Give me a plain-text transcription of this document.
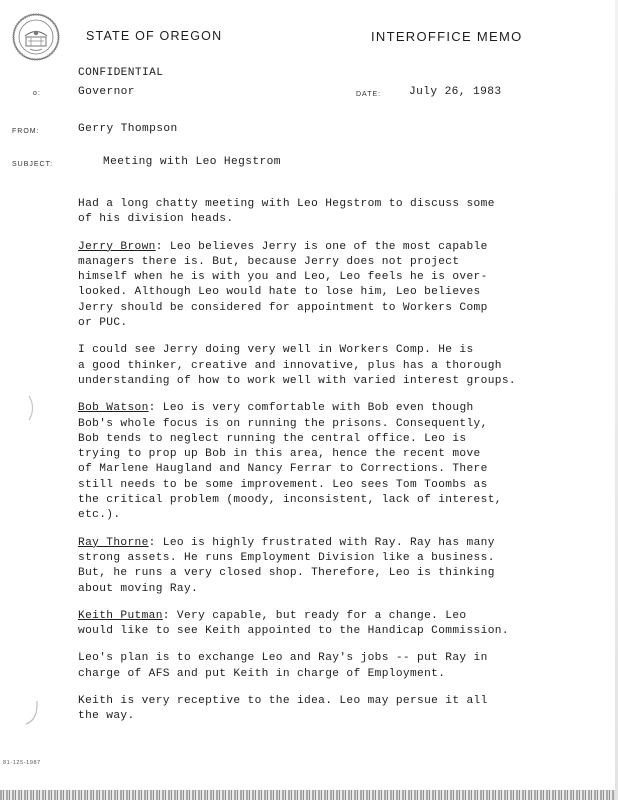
STATE OF OREGON	INTEROFFICE MEMO
CONFIDENTIAL
o:	Governor	DATE: July 26, 1983
FROM:	Gerry Thompson
SUBJECT:	Meeting with Leo Hegstrom

Had a long chatty meeting with Leo Hegstrom to discuss some
of his division heads.

Jerry Brown: Leo believes Jerry is one of the most capable
managers there is. But, because Jerry does not project
himself when he is with you and Leo, Leo feels he is over-
looked. Although Leo would hate to lose him, Leo believes
Jerry should be considered for appointment to Workers Comp
or PUC.

I could see Jerry doing very well in Workers Comp. He is
a good thinker, creative and innovative, plus has a thorough
understanding of how to work well with varied interest groups.

Bob Watson: Leo is very comfortable with Bob even though
Bob's whole focus is on running the prisons. Consequently,
Bob tends to neglect running the central office. Leo is
trying to prop up Bob in this area, hence the recent move
of Marlene Haugland and Nancy Ferrar to Corrections. There
still needs to be some improvement. Leo sees Tom Toombs as
the critical problem (moody, inconsistent, lack of interest,
etc.).

Ray Thorne: Leo is highly frustrated with Ray. Ray has many
strong assets. He runs Employment Division like a business.
But, he runs a very closed shop. Therefore, Leo is thinking
about moving Ray.

Keith Putman: Very capable, but ready for a change. Leo
would like to see Keith appointed to the Handicap Commission.

Leo's plan is to exchange Leo and Ray's jobs -- put Ray in
charge of AFS and put Keith in charge of Employment.

Keith is very receptive to the idea. Leo may persue it all
the way.

81-125-1987
